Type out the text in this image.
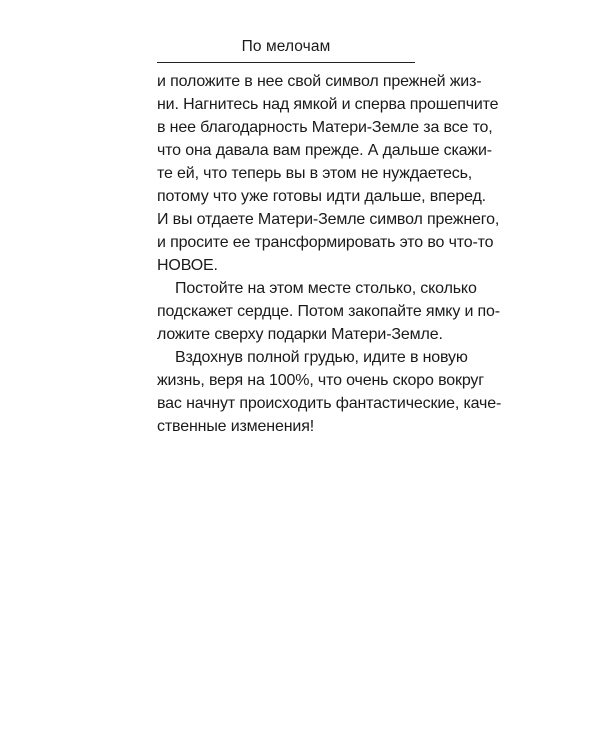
По мелочам
и положите в нее свой символ прежней жиз-
ни. Нагнитесь над ямкой и сперва прошепчите
в нее благодарность Матери-Земле за все то,
что она давала вам прежде. А дальше скажи-
те ей, что теперь вы в этом не нуждаетесь,
потому что уже готовы идти дальше, вперед.
И вы отдаете Матери-Земле символ прежнего,
и просите ее трансформировать это во что-то
НОВОЕ.
Постойте на этом месте столько, сколько
подскажет сердце. Потом закопайте ямку и по-
ложите сверху подарки Матери-Земле.
Вздохнув полной грудью, идите в новую
жизнь, веря на 100%, что очень скоро вокруг
вас начнут происходить фантастические, каче-
ственные изменения!
